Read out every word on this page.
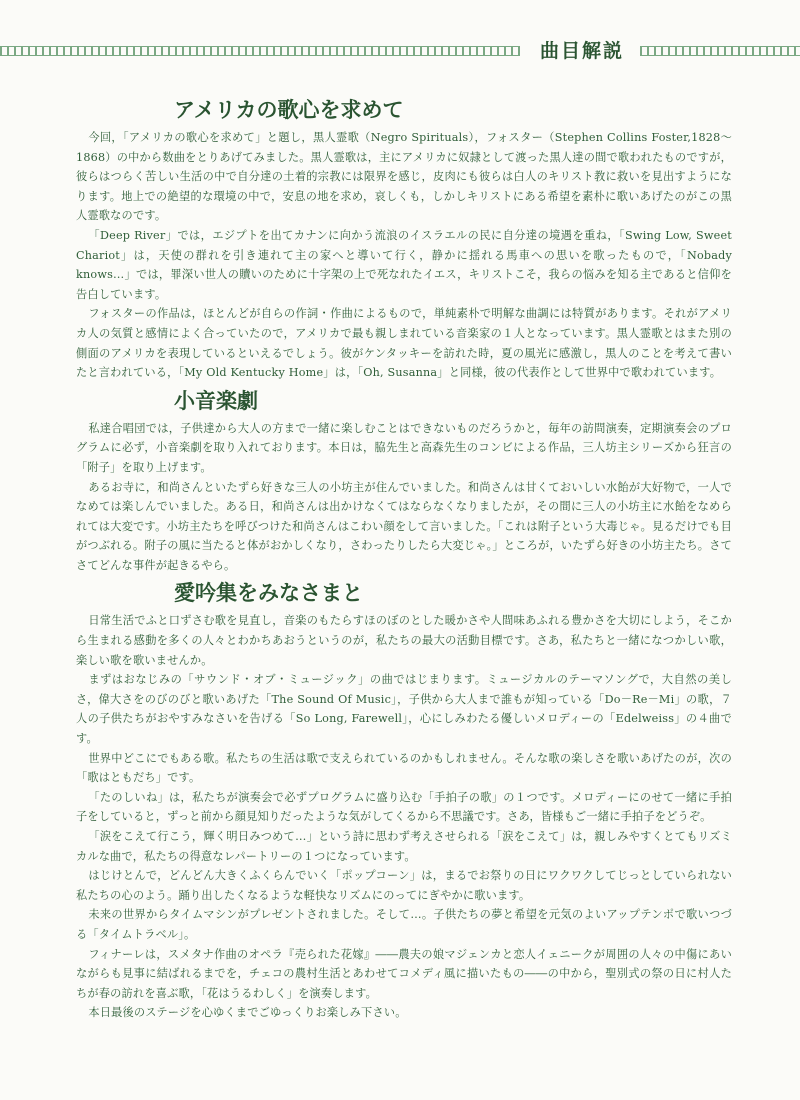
曲目解説
アメリカの歌心を求めて

今回，「アメリカの歌心を求めて」と題し，黒人霊歌（Negro Spirituals），フォスター（Stephen Collins Foster,1828～1868）の中から数曲をとりあげてみました。黒人霊歌は，主にアメリカに奴隷として渡った黒人達の間で歌われたものですが，彼らはつらく苦しい生活の中で自分達の土着的宗教には限界を感じ，皮肉にも彼らは白人のキリスト教に救いを見出すようになります。地上での絶望的な環境の中で，安息の地を求め，哀しくも，しかしキリストにある希望を素朴に歌いあげたのがこの黒人霊歌なのです。

「Deep River」では，エジプトを出てカナンに向かう流浪のイスラエルの民に自分達の境遇を重ね，「Swing Low, Sweet Chariot」は，天使の群れを引き連れて主の家へと導いて行く，静かに揺れる馬車への思いを歌ったもので，「Nobady knows…」では，罪深い世人の贖いのために十字架の上で死なれたイエス，キリストこそ，我らの悩みを知る主であると信仰を告白しています。

フォスターの作品は，ほとんどが自らの作詞・作曲によるもので，単純素朴で明解な曲調には特質があります。それがアメリカ人の気質と感情によく合っていたので，アメリカで最も親しまれている音楽家の１人となっています。黒人霊歌とはまた別の側面のアメリカを表現しているといえるでしょう。彼がケンタッキーを訪れた時，夏の風光に感激し，黒人のことを考えて書いたと言われている，「My Old Kentucky Home」は，「Oh, Susanna」と同様，彼の代表作として世界中で歌われています。

小音楽劇

私達合唱団では，子供達から大人の方まで一緒に楽しむことはできないものだろうかと，毎年の訪問演奏，定期演奏会のプログラムに必ず，小音楽劇を取り入れております。本日は，脇先生と高森先生のコンビによる作品，三人坊主シリーズから狂言の「附子」を取り上げます。

あるお寺に，和尚さんといたずら好きな三人の小坊主が住んでいました。和尚さんは甘くておいしい水飴が大好物で，一人でなめては楽しんでいました。ある日，和尚さんは出かけなくてはならなくなりましたが，その間に三人の小坊主に水飴をなめられては大変です。小坊主たちを呼びつけた和尚さんはこわい顔をして言いました。「これは附子という大毒じゃ。見るだけでも目がつぶれる。附子の風に当たると体がおかしくなり，さわったりしたら大変じゃ。」ところが，いたずら好きの小坊主たち。さてさてどんな事件が起きるやら。

愛吟集をみなさまと

日常生活でふと口ずさむ歌を見直し，音楽のもたらすほのぼのとした暖かさや人間味あふれる豊かさを大切にしよう，そこから生まれる感動を多くの人々とわかちあおうというのが，私たちの最大の活動目標です。さあ，私たちと一緒になつかしい歌，楽しい歌を歌いませんか。

まずはおなじみの「サウンド・オブ・ミュージック」の曲ではじまります。ミュージカルのテーマソングで，大自然の美しさ，偉大さをのびのびと歌いあげた「The Sound Of Music」，子供から大人まで誰もが知っている「Do－Re－Mi」の歌，７人の子供たちがおやすみなさいを告げる「So Long, Farewell」，心にしみわたる優しいメロディーの「Edelweiss」の４曲です。

世界中どこにでもある歌。私たちの生活は歌で支えられているのかもしれません。そんな歌の楽しさを歌いあげたのが，次の「歌はともだち」です。

「たのしいね」は，私たちが演奏会で必ずプログラムに盛り込む「手拍子の歌」の１つです。メロディーにのせて一緒に手拍子をしていると，ずっと前から顔見知りだったような気がしてくるから不思議です。さあ，皆様もご一緒に手拍子をどうぞ。

「涙をこえて行こう，輝く明日みつめて…」という詩に思わず考えさせられる「涙をこえて」は，親しみやすくとてもリズミカルな曲で，私たちの得意なレパートリーの１つになっています。

はじけとんで，どんどん大きくふくらんでいく「ポップコーン」は，まるでお祭りの日にワクワクしてじっとしていられない私たちの心のよう。踊り出したくなるような軽快なリズムにのってにぎやかに歌います。

未来の世界からタイムマシンがプレゼントされました。そして…。子供たちの夢と希望を元気のよいアップテンポで歌いつづる「タイムトラベル」。

フィナーレは，スメタナ作曲のオペラ『売られた花嫁』――農夫の娘マジェンカと恋人イェニークが周囲の人々の中傷にあいながらも見事に結ばれるまでを，チェコの農村生活とあわせてコメディ風に描いたもの――の中から，聖別式の祭の日に村人たちが春の訪れを喜ぶ歌，「花はうるわしく」を演奏します。

本日最後のステージを心ゆくまでごゆっくりお楽しみ下さい。
